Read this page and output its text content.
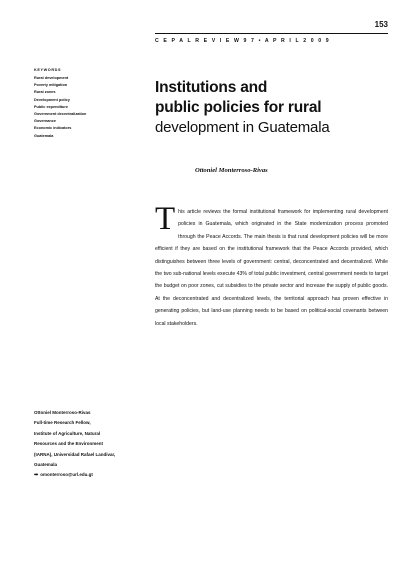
153
C E P A L R E V I E W 9 7 • A P R I L 2 0 0 9
KEYWORDS
Rural development
Poverty mitigation
Rural zones
Development policy
Public expenditure
Government decentralization
Governance
Economic indicators
Guatemala
Institutions and
public policies for rural
development in Guatemala
Ottoniel Monterroso-Rivas

This article reviews the formal institutional framework for implementing rural development policies in Guatemala, which originated in the State modernization process promoted through the Peace Accords. The main thesis is that rural development policies will be more efficient if they are based on the institutional framework that the Peace Accords provided, which distinguishes between three levels of government: central, deconcentrated and decentralized. While the two sub-national levels execute 43% of total public investment, central government needs to target the budget on poor zones, cut subsidies to the private sector and increase the supply of public goods. At the deconcentrated and decentralized levels, the territorial approach has proven effective in generating policies, but land-use planning needs to be based on political-social covenants between local stakeholders.

Ottoniel Monterroso-Rivas
Full-time Research Fellow,
Institute of Agriculture, Natural
Resources and the Environment
(IARNA), Universidad Rafael Landivar,
Guatemala
➡ omonterroso@url.edu.gt
